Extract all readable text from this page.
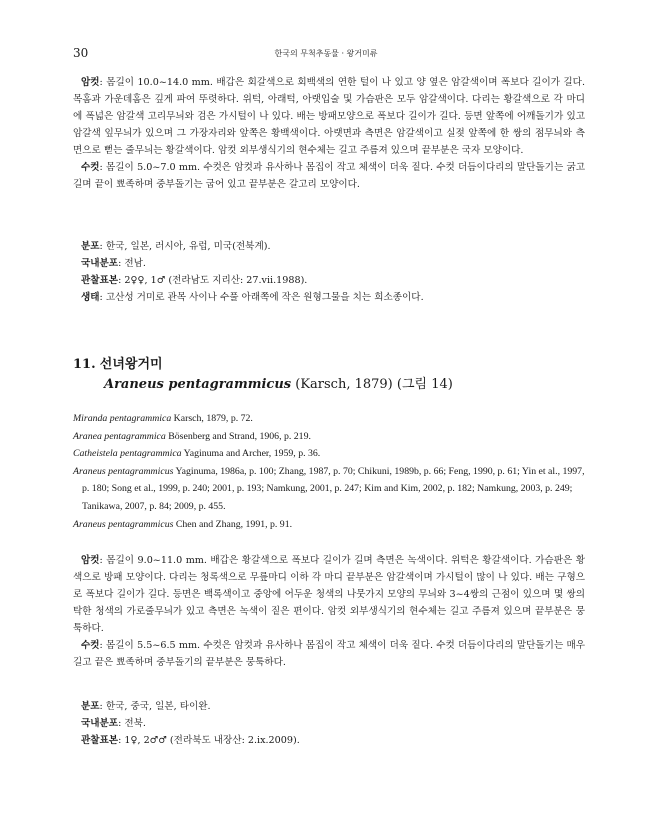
30	한국의 무척추동물 · 왕거미류

암컷: 몸길이 10.0~14.0 mm. 배갑은 회갈색으로 회백색의 연한 털이 나 있고 양 옆은 암갈색이며 폭보다 길이가 길다. 목홈과 가운데홈은 깊게 파여 뚜렷하다. 위턱, 아래턱, 아랫입술 및 가슴판은 모두 암갈색이다. 다리는 황갈색으로 각 마디에 폭넓은 암갈색 고리무늬와 검은 가시털이 나 있다. 배는 방패모양으로 폭보다 길이가 길다. 등면 앞쪽에 어깨돌기가 있고 암갈색 잎무늬가 있으며 그 가장자리와 앞쪽은 황백색이다. 아랫면과 측면은 암갈색이고 실젖 앞쪽에 한 쌍의 점무늬와 측면으로 뻗는 줄무늬는 황갈색이다. 암컷 외부생식기의 현수체는 길고 주름져 있으며 끝부분은 국자 모양이다.

수컷: 몸길이 5.0~7.0 mm. 수컷은 암컷과 유사하나 몸집이 작고 체색이 더욱 짙다. 수컷 더듬이다리의 말단돌기는 굵고 길며 끝이 뾰족하며 중부돌기는 굽어 있고 끝부분은 갈고리 모양이다.

분포: 한국, 일본, 러시아, 유럽, 미국(전북계).

국내분포: 전남.

관찰표본: 2♀♀, 1♂ (전라남도 지리산: 27.vii.1988).

생태: 고산성 거미로 관목 사이나 수풀 아래쪽에 작은 원형그물을 치는 희소종이다.

11. 선녀왕거미
Araneus pentagrammicus (Karsch, 1879) (그림 14)

Miranda pentagrammica Karsch, 1879, p. 72.

Aranea pentagrammica Bösenberg and Strand, 1906, p. 219.

Catheistela pentagrammica Yaginuma and Archer, 1959, p. 36.

Araneus pentagrammicus Yaginuma, 1986a, p. 100; Zhang, 1987, p. 70; Chikuni, 1989b, p. 66; Feng, 1990, p. 61; Yin et al., 1997, p. 180; Song et al., 1999, p. 240; 2001, p. 193; Namkung, 2001, p. 247; Kim and Kim, 2002, p. 182; Namkung, 2003, p. 249; Tanikawa, 2007, p. 84; 2009, p. 455.

Araneus pentagrammicus Chen and Zhang, 1991, p. 91.

암컷: 몸길이 9.0~11.0 mm. 배갑은 황갈색으로 폭보다 길이가 길며 측면은 녹색이다. 위턱은 황갈색이다. 가슴판은 황색으로 방패 모양이다. 다리는 청록색으로 무릎마디 이하 각 마디 끝부분은 암갈색이며 가시털이 많이 나 있다. 배는 구형으로 폭보다 길이가 길다. 등면은 백록색이고 중앙에 어두운 청색의 나뭇가지 모양의 무늬와 3~4쌍의 근점이 있으며 몇 쌍의 탁한 청색의 가로줄무늬가 있고 측면은 녹색이 짙은 편이다. 암컷 외부생식기의 현수체는 길고 주름져 있으며 끝부분은 뭉툭하다.

수컷: 몸길이 5.5~6.5 mm. 수컷은 암컷과 유사하나 몸집이 작고 체색이 더욱 짙다. 수컷 더듬이다리의 말단돌기는 매우 길고 끝은 뾰족하며 중부돌기의 끝부분은 뭉툭하다.

분포: 한국, 중국, 일본, 타이완.

국내분포: 전북.

관찰표본: 1♀, 2♂♂ (전라북도 내장산: 2.ix.2009).
